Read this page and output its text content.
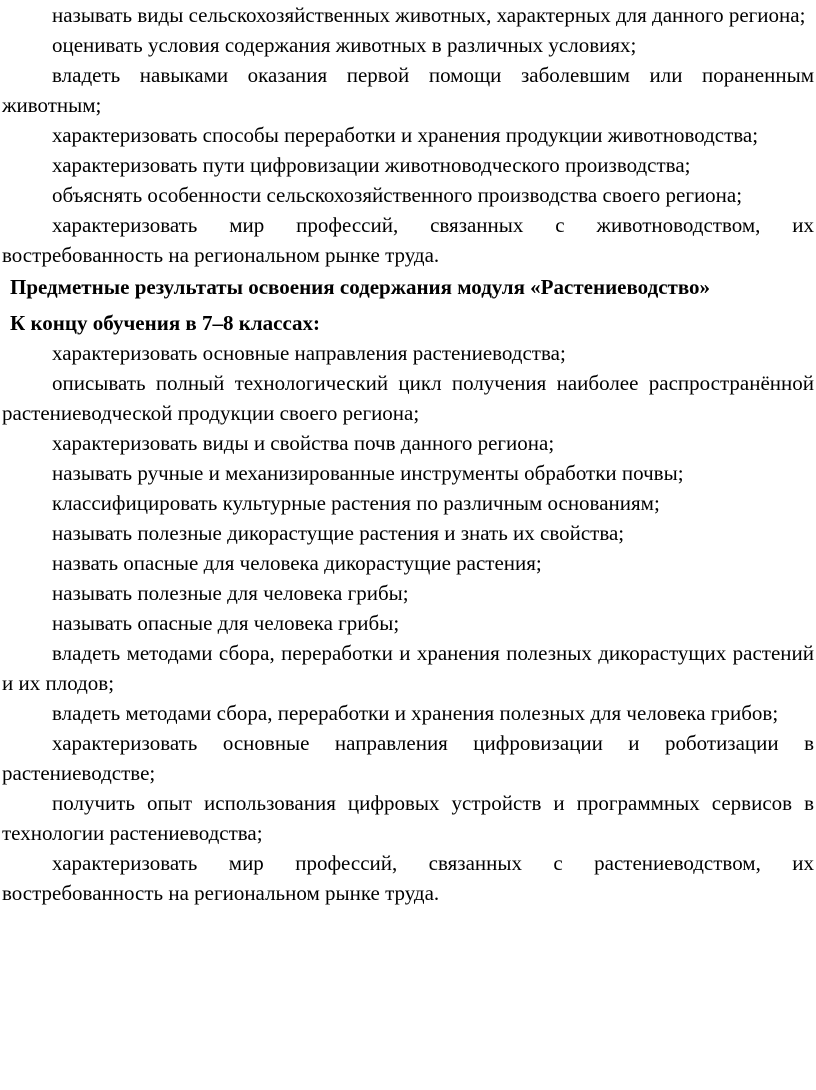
называть виды сельскохозяйственных животных, характерных для данного региона;

оценивать условия содержания животных в различных условиях;

владеть навыками оказания первой помощи заболевшим или пораненным животным;

характеризовать способы переработки и хранения продукции животноводства;

характеризовать пути цифровизации животноводческого производства;

объяснять особенности сельскохозяйственного производства своего региона;

характеризовать мир профессий, связанных с животноводством, их востребованность на региональном рынке труда.

Предметные результаты освоения содержания модуля «Растениеводство»

К концу обучения в 7–8 классах:

характеризовать основные направления растениеводства;

описывать полный технологический цикл получения наиболее распространённой растениеводческой продукции своего региона;

характеризовать виды и свойства почв данного региона;

называть ручные и механизированные инструменты обработки почвы;

классифицировать культурные растения по различным основаниям;

называть полезные дикорастущие растения и знать их свойства;

назвать опасные для человека дикорастущие растения;

называть полезные для человека грибы;

называть опасные для человека грибы;

владеть методами сбора, переработки и хранения полезных дикорастущих растений и их плодов;

владеть методами сбора, переработки и хранения полезных для человека грибов;

характеризовать основные направления цифровизации и роботизации в растениеводстве;

получить опыт использования цифровых устройств и программных сервисов в технологии растениеводства;

характеризовать мир профессий, связанных с растениеводством, их востребованность на региональном рынке труда.
